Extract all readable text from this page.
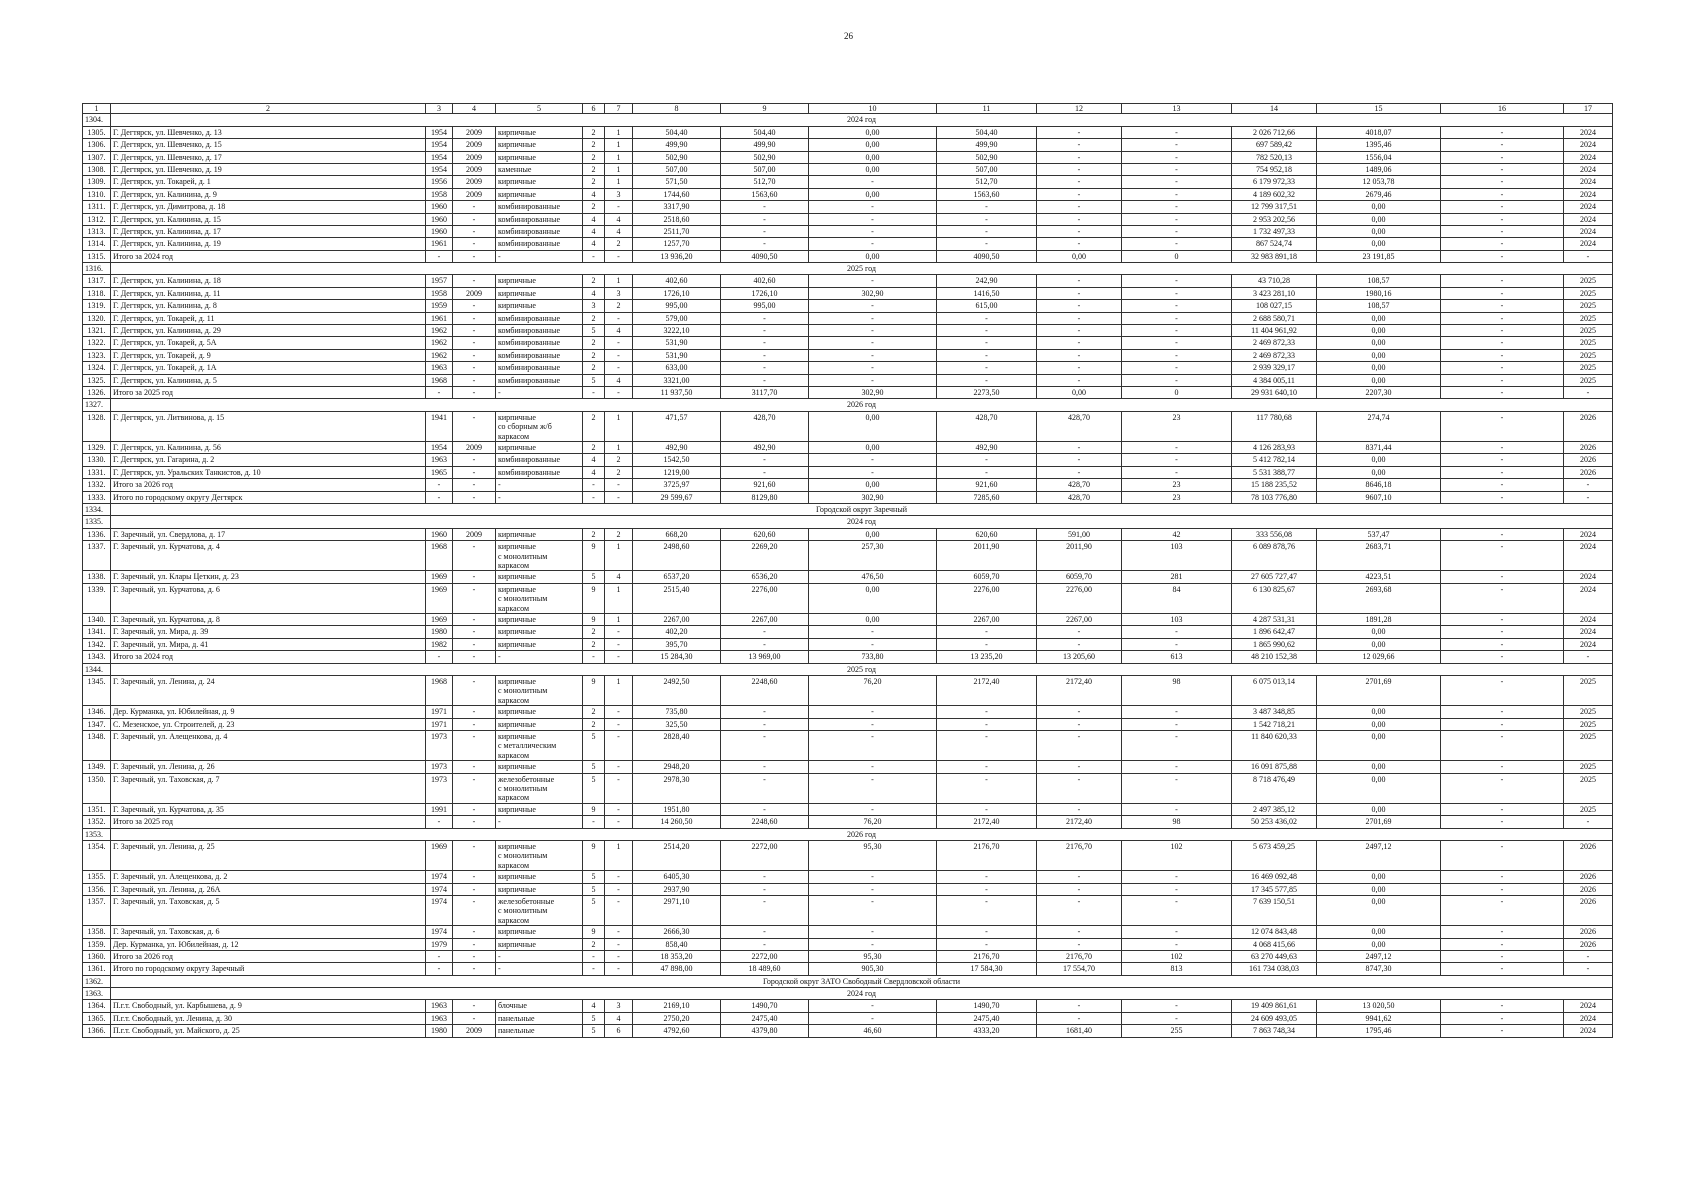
26
1	2	3	4	5	6	7	8	9	10	11	12	13	14	15	16	17
1304.	2024 год															
1305.	Г. Дегтярск, ул. Шевченко, д. 13	1954	2009	кирпичные	2	1	504,40	504,40	0,00	504,40	-	-	2 026 712,66	4018,07	-	2024
1306.	Г. Дегтярск, ул. Шевченко, д. 15	1954	2009	кирпичные	2	1	499,90	499,90	0,00	499,90	-	-	697 589,42	1395,46	-	2024
1307.	Г. Дегтярск, ул. Шевченко, д. 17	1954	2009	кирпичные	2	1	502,90	502,90	0,00	502,90	-	-	782 520,13	1556,04	-	2024
1308.	Г. Дегтярск, ул. Шевченко, д. 19	1954	2009	каменные	2	1	507,00	507,00	0,00	507,00	-	-	754 952,18	1489,06	-	2024
1309.	Г. Дегтярск, ул. Токарей, д. 1	1956	2009	кирпичные	2	1	571,50	512,70	-	512,70	-	-	6 179 972,33	12 053,78	-	2024
1310.	Г. Дегтярск, ул. Калинина, д. 9	1958	2009	кирпичные	4	3	1744,60	1563,60	0,00	1563,60	-	-	4 189 602,32	2679,46	-	2024
1311.	Г. Дегтярск, ул. Димитрова, д. 18	1960	-	комбинированные	2	-	3317,90	-	-	-	-	-	12 799 317,51	0,00	-	2024
1312.	Г. Дегтярск, ул. Калинина, д. 15	1960	-	комбинированные	4	4	2518,60	-	-	-	-	-	2 953 202,56	0,00	-	2024
1313.	Г. Дегтярск, ул. Калинина, д. 17	1960	-	комбинированные	4	4	2511,70	-	-	-	-	-	1 732 497,33	0,00	-	2024
1314.	Г. Дегтярск, ул. Калинина, д. 19	1961	-	комбинированные	4	2	1257,70	-	-	-	-	-	867 524,74	0,00	-	2024
1315.	Итого за 2024 год	-	-	-	-	-	13 936,20	4090,50	0,00	4090,50	0,00	0	32 983 891,18	23 191,85	-	-
1316.	2025 год															
1317.	Г. Дегтярск, ул. Калинина, д. 18	1957	-	кирпичные	2	1	402,60	402,60	-	242,90	-	-	43 710,28	108,57	-	2025
1318.	Г. Дегтярск, ул. Калинина, д. 11	1958	2009	кирпичные	4	3	1726,10	1726,10	302,90	1416,50	-	-	3 423 281,10	1980,16	-	2025
1319.	Г. Дегтярск, ул. Калинина, д. 8	1959	-	кирпичные	3	2	995,00	995,00	-	615,00	-	-	108 027,15	108,57	-	2025
1320.	Г. Дегтярск, ул. Токарей, д. 11	1961	-	комбинированные	2	-	579,00	-	-	-	-	-	2 688 580,71	0,00	-	2025
1321.	Г. Дегтярск, ул. Калинина, д. 29	1962	-	комбинированные	5	4	3222,10	-	-	-	-	-	11 404 961,92	0,00	-	2025
1322.	Г. Дегтярск, ул. Токарей, д. 5А	1962	-	комбинированные	2	-	531,90	-	-	-	-	-	2 469 872,33	0,00	-	2025
1323.	Г. Дегтярск, ул. Токарей, д. 9	1962	-	комбинированные	2	-	531,90	-	-	-	-	-	2 469 872,33	0,00	-	2025
1324.	Г. Дегтярск, ул. Токарей, д. 1А	1963	-	комбинированные	2	-	633,00	-	-	-	-	-	2 939 329,17	0,00	-	2025
1325.	Г. Дегтярск, ул. Калинина, д. 5	1968	-	комбинированные	5	4	3321,00	-	-	-	-	-	4 384 005,11	0,00	-	2025
1326.	Итого за 2025 год	-	-	-	-	-	11 937,50	3117,70	302,90	2273,50	0,00	0	29 931 640,10	2207,30	-	-
1327.	2026 год															
1328.	Г. Дегтярск, ул. Литвинова, д. 15	1941	-	кирпичные
со сборным ж/б
каркасом	2	1	471,57	428,70	0,00	428,70	428,70	23	117 780,68	274,74	-	2026
1329.	Г. Дегтярск, ул. Калинина, д. 56	1954	2009	кирпичные	2	1	492,90	492,90	0,00	492,90	-	-	4 126 283,93	8371,44	-	2026
1330.	Г. Дегтярск, ул. Гагарина, д. 2	1963	-	комбинированные	4	2	1542,50	-	-	-	-	-	5 412 782,14	0,00	-	2026
1331.	Г. Дегтярск, ул. Уральских Танкистов, д. 10	1965	-	комбинированные	4	2	1219,00	-	-	-	-	-	5 531 388,77	0,00	-	2026
1332.	Итого за 2026 год	-	-	-	-	-	3725,97	921,60	0,00	921,60	428,70	23	15 188 235,52	8646,18	-	-
1333.	Итого по городскому округу Дегтярск	-	-	-	-	-	29 599,67	8129,80	302,90	7285,60	428,70	23	78 103 776,80	9607,10	-	-
1334.	Городской округ Заречный															
1335.	2024 год															
1336.	Г. Заречный, ул. Свердлова, д. 17	1960	2009	кирпичные	2	2	668,20	620,60	0,00	620,60	591,00	42	333 556,08	537,47	-	2024
1337.	Г. Заречный, ул. Курчатова, д. 4	1968	-	кирпичные
с монолитным
каркасом	9	1	2498,60	2269,20	257,30	2011,90	2011,90	103	6 089 878,76	2683,71	-	2024
1338.	Г. Заречный, ул. Клары Цеткин, д. 23	1969	-	кирпичные	5	4	6537,20	6536,20	476,50	6059,70	6059,70	281	27 605 727,47	4223,51	-	2024
1339.	Г. Заречный, ул. Курчатова, д. 6	1969	-	кирпичные
с монолитным
каркасом	9	1	2515,40	2276,00	0,00	2276,00	2276,00	84	6 130 825,67	2693,68	-	2024
1340.	Г. Заречный, ул. Курчатова, д. 8	1969	-	кирпичные	9	1	2267,00	2267,00	0,00	2267,00	2267,00	103	4 287 531,31	1891,28	-	2024
1341.	Г. Заречный, ул. Мира, д. 39	1980	-	кирпичные	2	-	402,20	-	-	-	-	-	1 896 642,47	0,00	-	2024
1342.	Г. Заречный, ул. Мира, д. 41	1982	-	кирпичные	2	-	395,70	-	-	-	-	-	1 865 990,62	0,00	-	2024
1343.	Итого за 2024 год	-	-	-	-	-	15 284,30	13 969,00	733,80	13 235,20	13 205,60	613	48 210 152,38	12 029,66	-	-
1344.	2025 год															
1345.	Г. Заречный, ул. Ленина, д. 24	1968	-	кирпичные
с монолитным
каркасом	9	1	2492,50	2248,60	76,20	2172,40	2172,40	98	6 075 013,14	2701,69	-	2025
1346.	Дер. Курманка, ул. Юбилейная, д. 9	1971	-	кирпичные	2	-	735,80	-	-	-	-	-	3 487 348,85	0,00	-	2025
1347.	С. Мезенское, ул. Строителей, д. 23	1971	-	кирпичные	2	-	325,50	-	-	-	-	-	1 542 718,21	0,00	-	2025
1348.	Г. Заречный, ул. Алещенкова, д. 4	1973	-	кирпичные
с металлическим
каркасом	5	-	2828,40	-	-	-	-	-	11 840 620,33	0,00	-	2025
1349.	Г. Заречный, ул. Ленина, д. 26	1973	-	кирпичные	5	-	2948,20	-	-	-	-	-	16 091 875,88	0,00	-	2025
1350.	Г. Заречный, ул. Таховская, д. 7	1973	-	железобетонные
с монолитным
каркасом	5	-	2978,30	-	-	-	-	-	8 718 476,49	0,00	-	2025
1351.	Г. Заречный, ул. Курчатова, д. 35	1991	-	кирпичные	9	-	1951,80	-	-	-	-	-	2 497 385,12	0,00	-	2025
1352.	Итого за 2025 год	-	-	-	-	-	14 260,50	2248,60	76,20	2172,40	2172,40	98	50 253 436,02	2701,69	-	-
1353.	2026 год															
1354.	Г. Заречный, ул. Ленина, д. 25	1969	-	кирпичные
с монолитным
каркасом	9	1	2514,20	2272,00	95,30	2176,70	2176,70	102	5 673 459,25	2497,12	-	2026
1355.	Г. Заречный, ул. Алещенкова, д. 2	1974	-	кирпичные	5	-	6405,30	-	-	-	-	-	16 469 092,48	0,00	-	2026
1356.	Г. Заречный, ул. Ленина, д. 26А	1974	-	кирпичные	5	-	2937,90	-	-	-	-	-	17 345 577,85	0,00	-	2026
1357.	Г. Заречный, ул. Таховская, д. 5	1974	-	железобетонные
с монолитным
каркасом	5	-	2971,10	-	-	-	-	-	7 639 150,51	0,00	-	2026
1358.	Г. Заречный, ул. Таховская, д. 6	1974	-	кирпичные	9	-	2666,30	-	-	-	-	-	12 074 843,48	0,00	-	2026
1359.	Дер. Курманка, ул. Юбилейная, д. 12	1979	-	кирпичные	2	-	858,40	-	-	-	-	-	4 068 415,66	0,00	-	2026
1360.	Итого за 2026 год	-	-	-	-	-	18 353,20	2272,00	95,30	2176,70	2176,70	102	63 270 449,63	2497,12	-	-
1361.	Итого по городскому округу Заречный	-	-	-	-	-	47 898,00	18 489,60	905,30	17 584,30	17 554,70	813	161 734 038,03	8747,30	-	-
1362.	Городской округ ЗАТО Свободный Свердловской области															
1363.	2024 год															
1364.	П.г.т. Свободный, ул. Карбышева, д. 9	1963	-	блочные	4	3	2169,10	1490,70	-	1490,70	-	-	19 409 861,61	13 020,50	-	2024
1365.	П.г.т. Свободный, ул. Ленина, д. 30	1963	-	панельные	5	4	2750,20	2475,40	-	2475,40	-	-	24 609 493,05	9941,62	-	2024
1366.	П.г.т. Свободный, ул. Майского, д. 25	1980	2009	панельные	5	6	4792,60	4379,80	46,60	4333,20	1681,40	255	7 863 748,34	1795,46	-	2024
